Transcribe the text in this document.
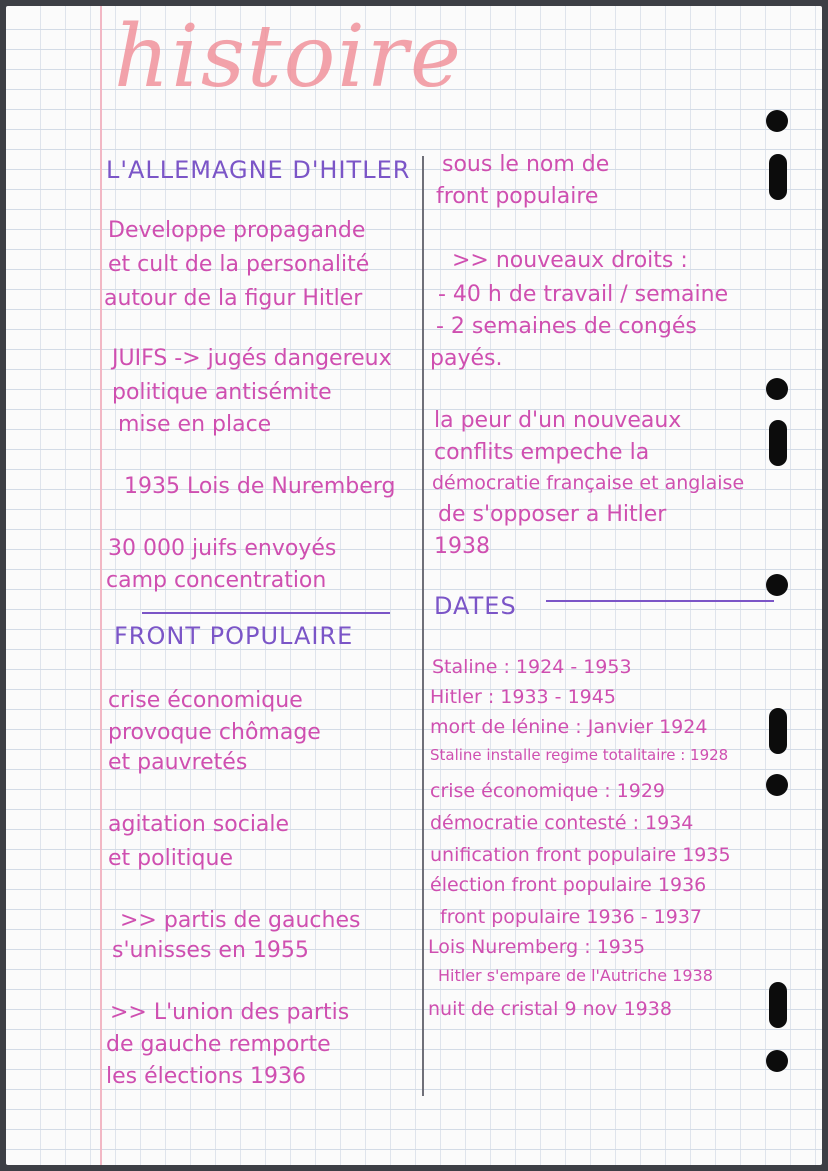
histoire
L'ALLEMAGNE D'HITLER
Developpe propagande
et cult de la personalité
autour de la figur Hitler
JUIFS -> jugés dangereux
politique antisémite
mise en place
1935 Lois de Nuremberg
30 000 juifs envoyés
camp concentration
FRONT POPULAIRE
crise économique
provoque chômage
et pauvretés
agitation sociale
et politique
>> partis de gauches
s'unisses en 1955
>> L'union des partis
de gauche remporte
les élections 1936
sous le nom de
front populaire
>> nouveaux droits :
- 40 h de travail / semaine
- 2 semaines de congés
payés.
la peur d'un nouveaux
conflits empeche la
démocratie française et anglaise
de s'opposer a Hitler
1938
DATES
Staline : 1924 - 1953
Hitler : 1933 - 1945
mort de lénine : Janvier 1924
Staline installe regime totalitaire : 1928
crise économique : 1929
démocratie contesté : 1934
unification front populaire 1935
élection front populaire 1936
front populaire 1936 - 1937
Lois Nuremberg : 1935
Hitler s'empare de l'Autriche 1938
nuit de cristal 9 nov 1938
